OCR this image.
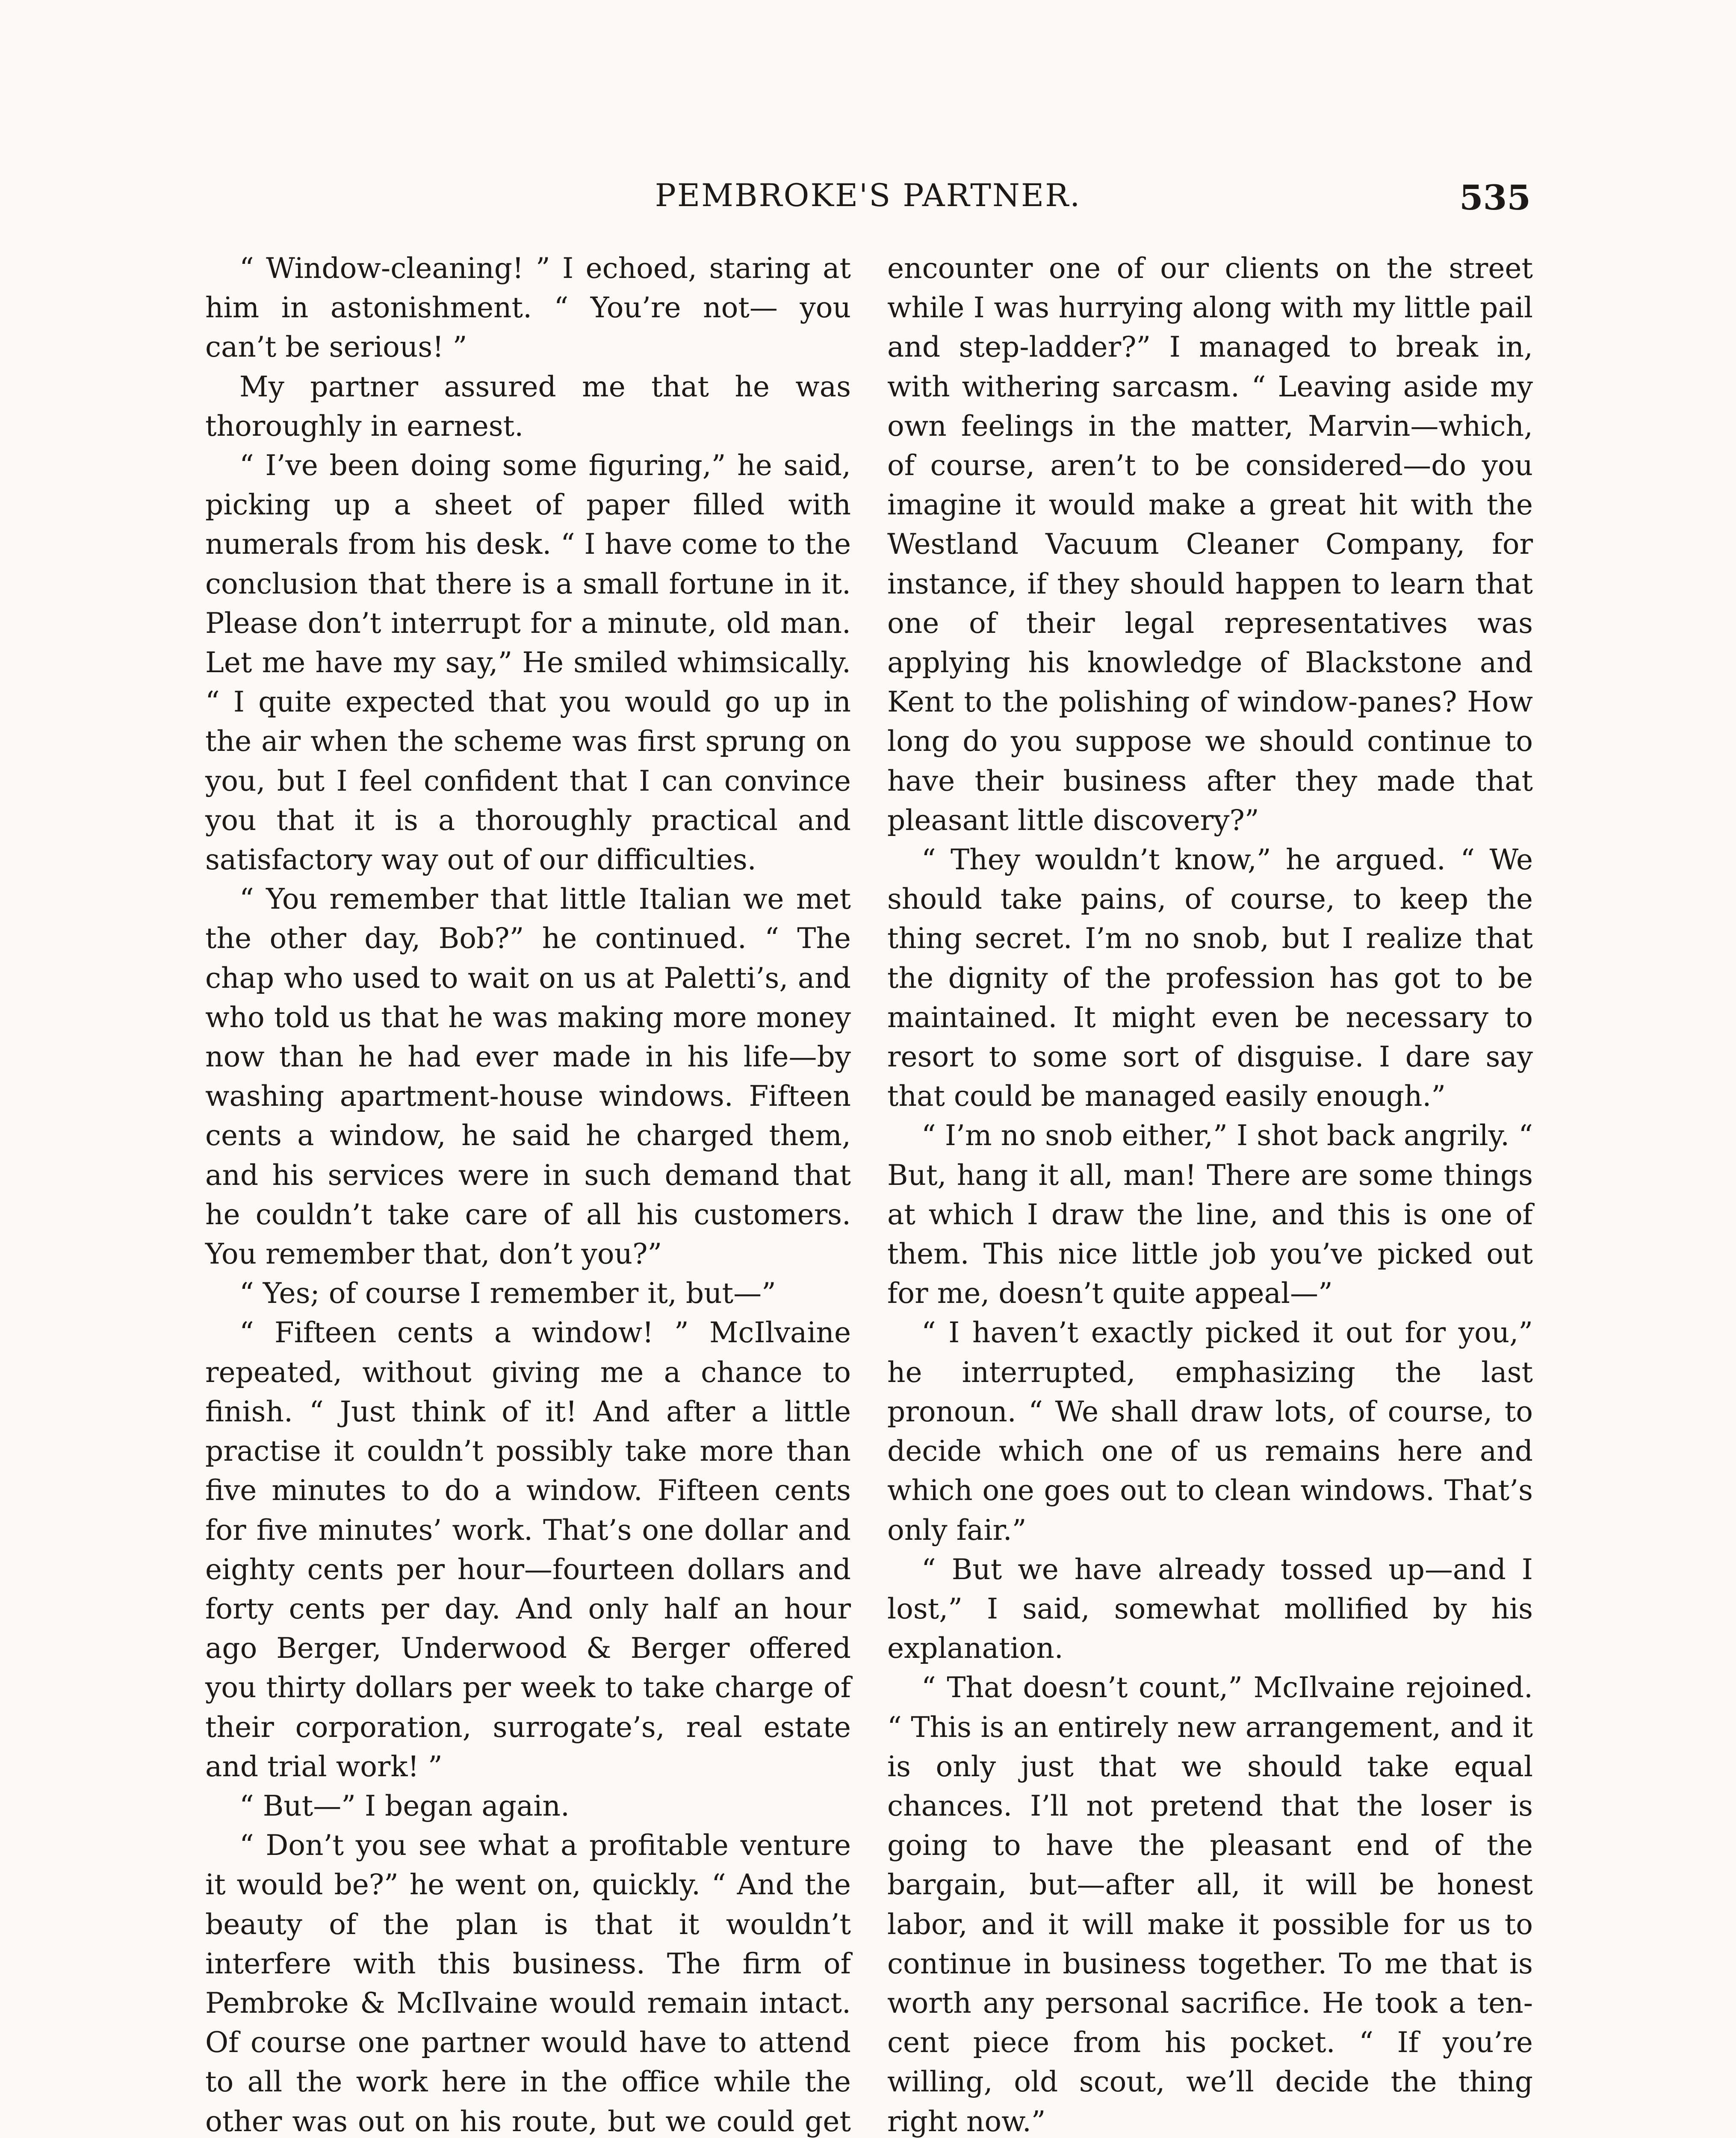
PEMBROKE'S PARTNER.	535

“ Window-cleaning! ” I echoed, staring at him in astonishment. “ You’re not— you can’t be serious! ”

My partner assured me that he was thoroughly in earnest.

“ I’ve been doing some figuring,” he said, picking up a sheet of paper filled with numerals from his desk. “ I have come to the conclusion that there is a small fortune in it. Please don’t interrupt for a minute, old man. Let me have my say,” He smiled whimsically. “ I quite expected that you would go up in the air when the scheme was first sprung on you, but I feel confident that I can convince you that it is a thoroughly practical and satisfactory way out of our difficulties.

“ You remember that little Italian we met the other day, Bob?” he continued. “ The chap who used to wait on us at Paletti’s, and who told us that he was making more money now than he had ever made in his life—by washing apartment-house windows. Fifteen cents a window, he said he charged them, and his services were in such demand that he couldn’t take care of all his customers. You remember that, don’t you?”

“ Yes; of course I remember it, but—”

“ Fifteen cents a window! ” McIlvaine repeated, without giving me a chance to finish. “ Just think of it! And after a little practise it couldn’t possibly take more than five minutes to do a window. Fifteen cents for five minutes’ work. That’s one dollar and eighty cents per hour—fourteen dollars and forty cents per day. And only half an hour ago Berger, Underwood & Berger offered you thirty dollars per week to take charge of their corporation, surrogate’s, real estate and trial work! ”

“ But—” I began again.

“ Don’t you see what a profitable venture it would be?” he went on, quickly. “ And the beauty of the plan is that it wouldn’t interfere with this business. The firm of Pembroke & McIlvaine would remain intact. Of course one partner would have to attend to all the work here in the office while the other was out on his route, but we could get

encounter one of our clients on the street while I was hurrying along with my little pail and step-ladder?” I managed to break in, with withering sarcasm. “ Leaving aside my own feelings in the matter, Marvin—which, of course, aren’t to be considered—do you imagine it would make a great hit with the Westland Vacuum Cleaner Company, for instance, if they should happen to learn that one of their legal representatives was applying his knowledge of Blackstone and Kent to the polishing of window-panes? How long do you suppose we should continue to have their business after they made that pleasant little discovery?”

“ They wouldn’t know,” he argued. “ We should take pains, of course, to keep the thing secret. I’m no snob, but I realize that the dignity of the profession has got to be maintained. It might even be necessary to resort to some sort of disguise. I dare say that could be managed easily enough.”

“ I’m no snob either,” I shot back angrily. “ But, hang it all, man! There are some things at which I draw the line, and this is one of them. This nice little job you’ve picked out for me, doesn’t quite appeal—”

“ I haven’t exactly picked it out for you,” he interrupted, emphasizing the last pronoun. “ We shall draw lots, of course, to decide which one of us remains here and which one goes out to clean windows. That’s only fair.”

“ But we have already tossed up—and I lost,” I said, somewhat mollified by his explanation.

“ That doesn’t count,” McIlvaine rejoined. “ This is an entirely new arrangement, and it is only just that we should take equal chances. I’ll not pretend that the loser is going to have the pleasant end of the bargain, but—after all, it will be honest labor, and it will make it possible for us to continue in business together. To me that is worth any personal sacrifice. He took a ten-cent piece from his pocket. “ If you’re willing, old scout, we’ll decide the thing right now.”
